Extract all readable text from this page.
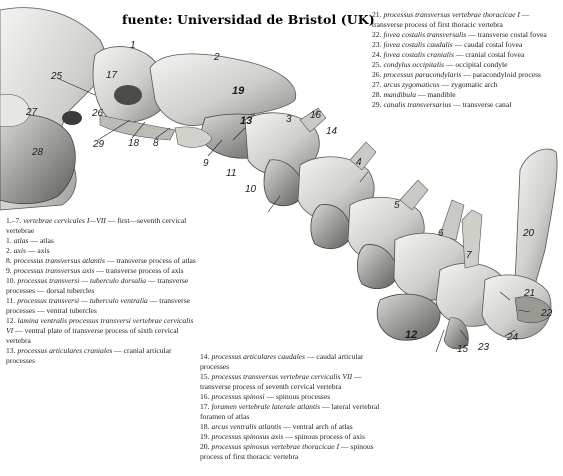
fuente: Universidad de Bristol (UK)
1
2
3
4
5
6
7
8
9
10
11
12
13
14
15
16
17
18
19
20
21
22
23
24
25
26
27
28
29

21. processus transversus vertebrae thoracicae I — transverse process of first thoracic vertebra

22. fovea costalis transversalis — transverse costal fovea

23. fovea costalis caudalis — caudal costal fovea

24. fovea costalis cranialis — cranial costal fovea

25. condylus occipitalis — occipital condyle

26. processus paracondylaris — paracondyloid process

27. arcus zygomaticus — zygomatic arch

28. mandibula — mandible

29. canalis transversarius — transverse canal

1.–7. vertebrae cervicales I—VII — first—seventh cervical vertebrae

1. atlas — atlas

2. axis — axis

8. processus transversus atlantis — transverse process of atlas

9. processus transversus axis — transverse process of axis

10. processus transversi — tuberculo dorsalia — transverse processes — dorsal tubercles

11. processus transversi — tuberculo ventralia — transverse processes — ventral tubercles

12. lamina ventralis processus transversi vertebrae cervicalis VI — ventral plate of transverse process of sixth cervical vertebra

13. processus articulares craniales — cranial articular processes	14. processus articulares caudales — caudal articular processes

15. processus transversus vertebrae cervicalis VII — transverse process of seventh cervical vertebra

16. processus spinosi — spinous processes

17. foramen vertebrale laterale atlantis — lateral vertebral foramen of atlas

18. arcus ventralis atlantis — ventral arch of atlas

19. processus spinosus axis — spinous process of axis

20. processus spinosus vertebrae thoracicae I — spinous process of first thoracic vertebra
